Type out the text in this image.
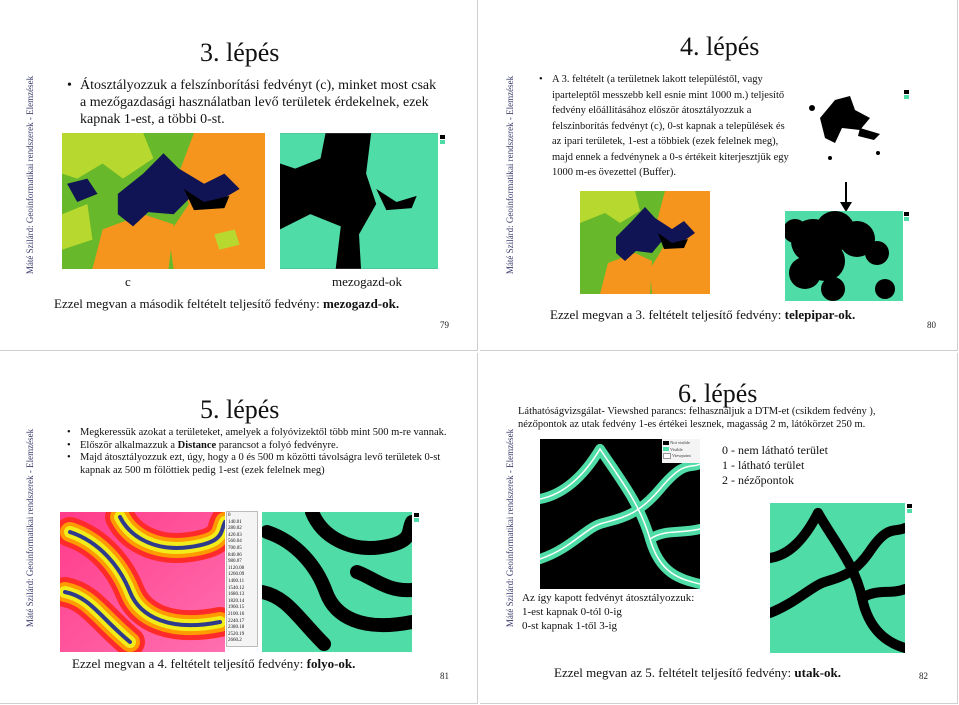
Máté Szilárd: Geoinformatikai rendszerek - Elemzések
3. lépés
• Átosztályozzuk a felszínborítási fedvényt (c), minket most csak a mezőgazdasági használatban levő területek érdekelnek, ezek kapnak 1-est, a többi 0-st.
c	mezogazd-ok
Ezzel megvan a második feltételt teljesítő fedvény: mezogazd-ok.
79
Máté Szilárd: Geoinformatikai rendszerek - Elemzések
4. lépés
• A 3. feltételt (a területnek lakott településtől, vagy iparteleptől messzebb kell esnie mint 1000 m.) teljesítő fedvény előállításához először átosztályozzuk a felszínborítás fedvényt (c), 0-st kapnak a települések és az ipari területek, 1-est a többiek (ezek felelnek meg), majd ennek a fedvénynek a 0-s értékeit kiterjesztjük egy 1000 m-es övezettel (Buffer).
Ezzel megvan a 3. feltételt teljesítő fedvény: telepipar-ok.
80
Máté Szilárd: Geoinformatikai rendszerek - Elemzések
5. lépés
• Megkeressük azokat a területeket, amelyek a folyóvizektől több mint 500 m-re vannak.
• Először alkalmazzuk a Distance parancsot a folyó fedvényre.
• Majd átosztályozzuk ezt, úgy, hogy a 0 és 500 m közötti távolságra levő területek 0-st kapnak az 500 m fölöttiek pedig 1-est (ezek felelnek meg)
0
140.01
280.02
420.03
560.04
700.05
840.06
980.07
1120.08
1260.09
1400.11
1540.12
1680.13
1820.14
1960.15
2100.16
2240.17
2380.18
2520.19
2660.2
Ezzel megvan a 4. feltételt teljesítő fedvény: folyo-ok.
81
Máté Szilárd: Geoinformatikai rendszerek - Elemzések
6. lépés
Láthatóságvizsgálat- Viewshed parancs: felhasználjuk a DTM-et (csikdem fedvény ), nézőpontok az utak fedvény 1-es értékei lesznek, magasság 2 m, látókörzet 250 m.
Not visible
Visible
Viewpoint	0 - nem látható terület
1 - látható terület
2 - nézőpontok
Az így kapott fedvényt átosztályozzuk:
1-est kapnak 0-tól 0-ig
0-st kapnak 1-től 3-ig
Ezzel megvan az 5. feltételt teljesítő fedvény: utak-ok.	82
